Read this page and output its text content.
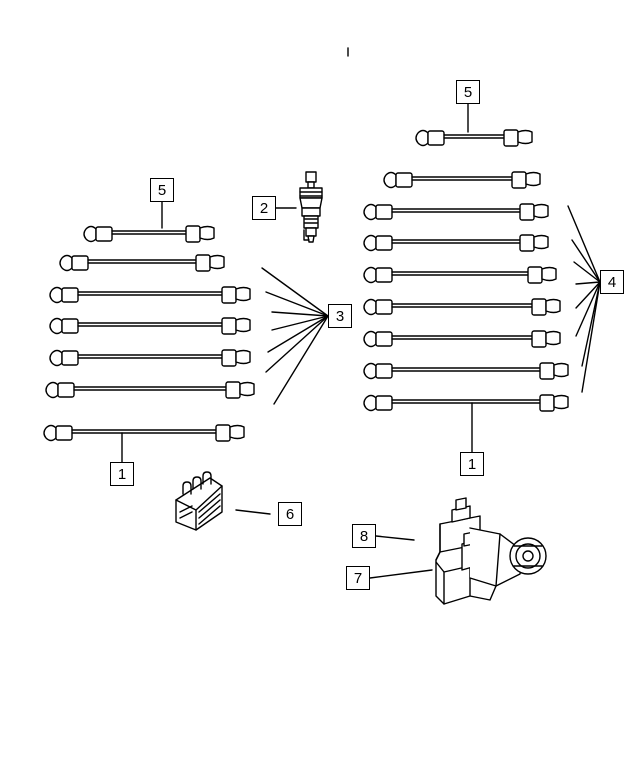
1
1
2
3
4
5
5
6
7
8
